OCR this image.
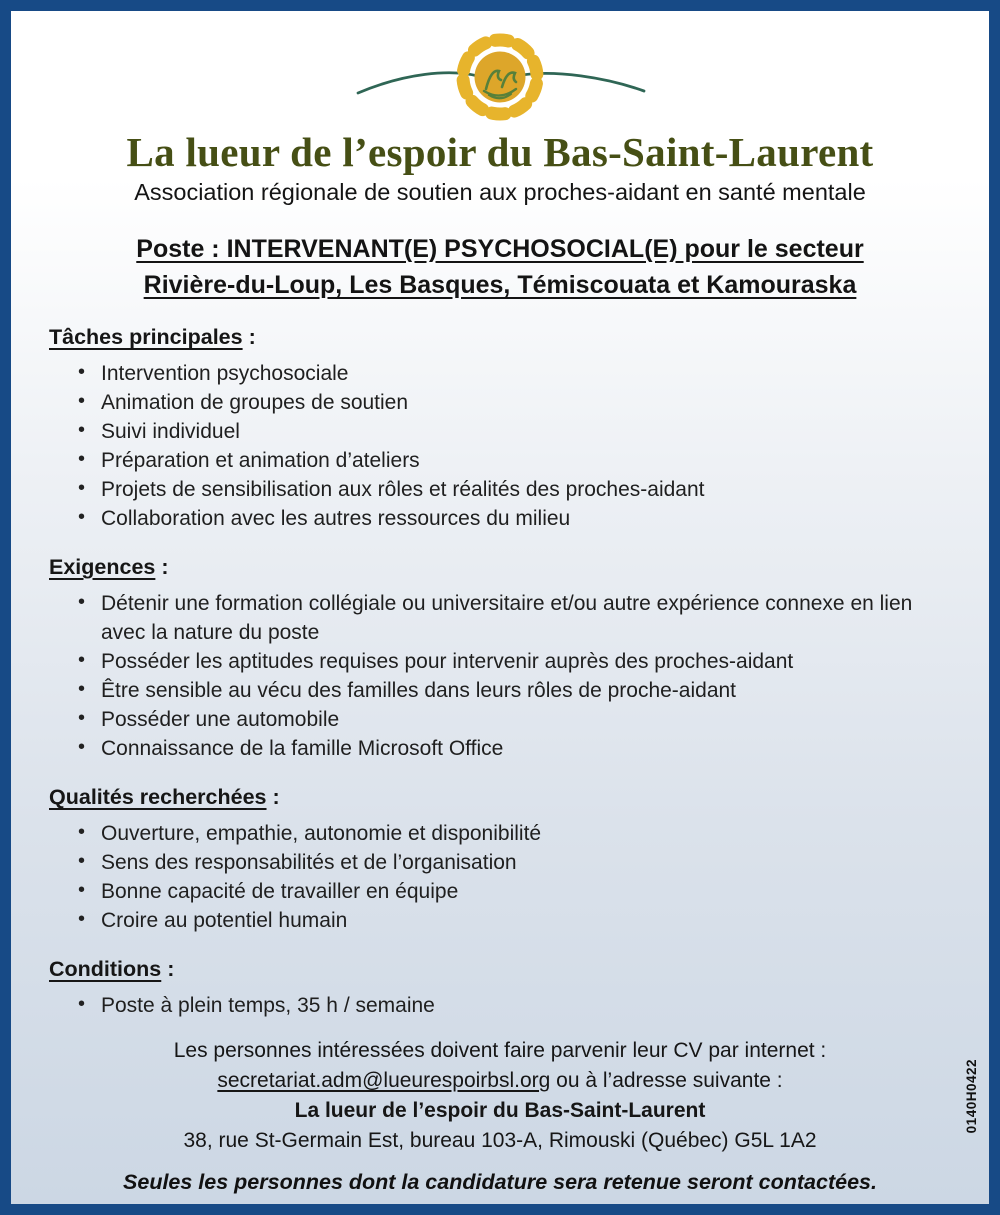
La lueur de l’espoir du Bas-Saint-Laurent
Association régionale de soutien aux proches-aidant en santé mentale
Poste : INTERVENANT(E) PSYCHOSOCIAL(E) pour le secteur
Rivière-du-Loup, Les Basques, Témiscouata et Kamouraska
Tâches principales :
• Intervention psychosociale
• Animation de groupes de soutien
• Suivi individuel
• Préparation et animation d’ateliers
• Projets de sensibilisation aux rôles et réalités des proches-aidant
• Collaboration avec les autres ressources du milieu
Exigences :
• Détenir une formation collégiale ou universitaire et/ou autre expérience connexe en lien avec la nature du poste
• Posséder les aptitudes requises pour intervenir auprès des proches-aidant
• Être sensible au vécu des familles dans leurs rôles de proche-aidant
• Posséder une automobile
• Connaissance de la famille Microsoft Office
Qualités recherchées :
• Ouverture, empathie, autonomie et disponibilité
• Sens des responsabilités et de l’organisation
• Bonne capacité de travailler en équipe
• Croire au potentiel humain
Conditions :
• Poste à plein temps, 35 h / semaine
Les personnes intéressées doivent faire parvenir leur CV par internet :
secretariat.adm@lueurespoirbsl.org ou à l’adresse suivante :
La lueur de l’espoir du Bas-Saint-Laurent
38, rue St-Germain Est, bureau 103-A, Rimouski (Québec) G5L 1A2
Seules les personnes dont la candidature sera retenue seront contactées.
0140H0422
